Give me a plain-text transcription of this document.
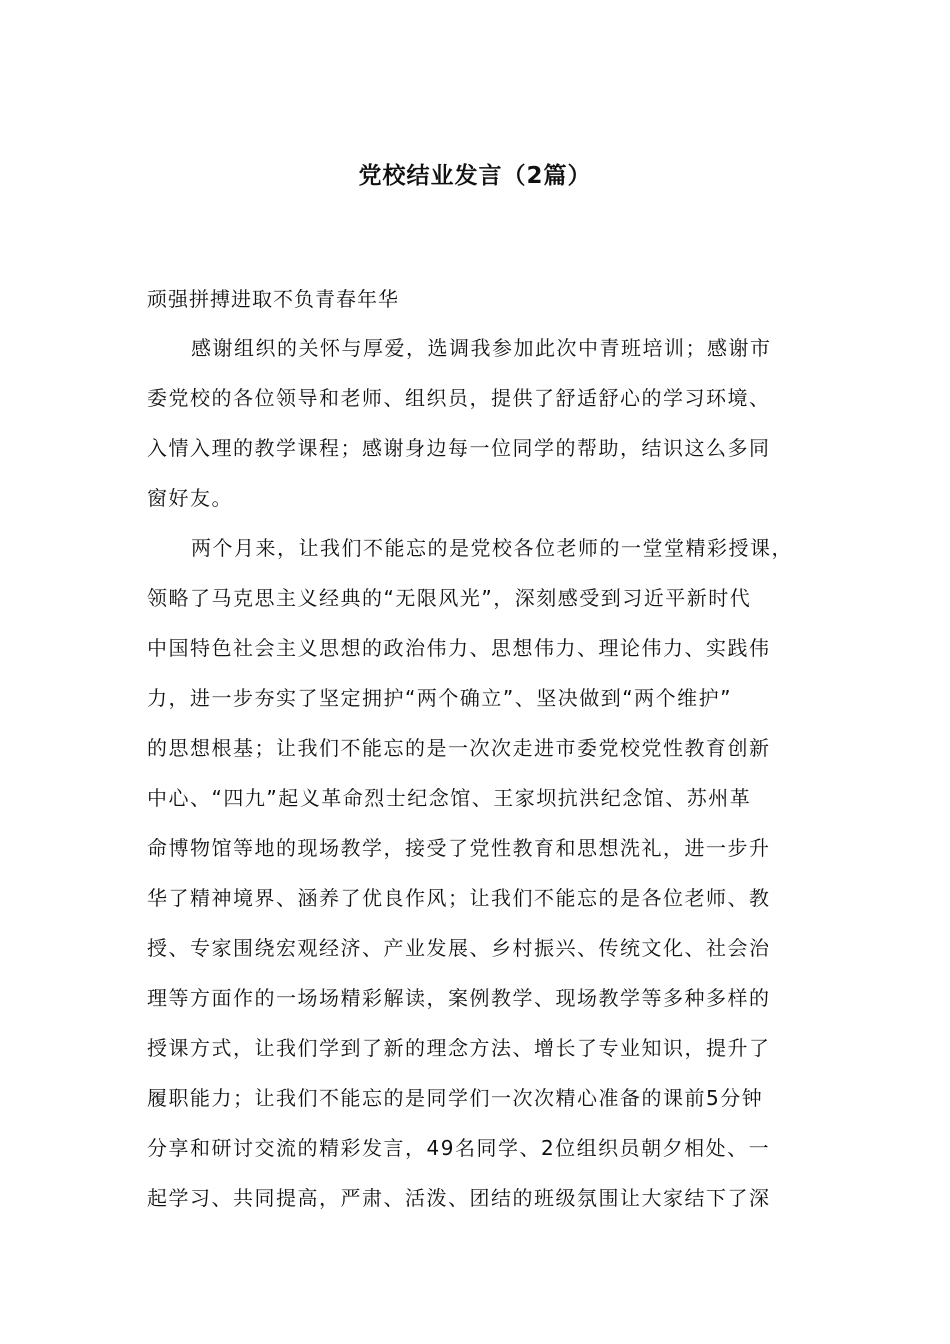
党校结业发言（2篇）
顽强拼搏进取不负青春年华
感谢组织的关怀与厚爱，选调我参加此次中青班培训；感谢市
委党校的各位领导和老师、组织员，提供了舒适舒心的学习环境、
入情入理的教学课程；感谢身边每一位同学的帮助，结识这么多同
窗好友。
两个月来，让我们不能忘的是党校各位老师的一堂堂精彩授课，
领略了马克思主义经典的“无限风光”，深刻感受到习近平新时代
中国特色社会主义思想的政治伟力、思想伟力、理论伟力、实践伟
力，进一步夯实了坚定拥护“两个确立”、坚决做到“两个维护”
的思想根基；让我们不能忘的是一次次走进市委党校党性教育创新
中心、“四九”起义革命烈士纪念馆、王家坝抗洪纪念馆、苏州革
命博物馆等地的现场教学，接受了党性教育和思想洗礼，进一步升
华了精神境界、涵养了优良作风；让我们不能忘的是各位老师、教
授、专家围绕宏观经济、产业发展、乡村振兴、传统文化、社会治
理等方面作的一场场精彩解读，案例教学、现场教学等多种多样的
授课方式，让我们学到了新的理念方法、增长了专业知识，提升了
履职能力；让我们不能忘的是同学们一次次精心准备的课前5分钟
分享和研讨交流的精彩发言，49名同学、2位组织员朝夕相处、一
起学习、共同提高，严肃、活泼、团结的班级氛围让大家结下了深
